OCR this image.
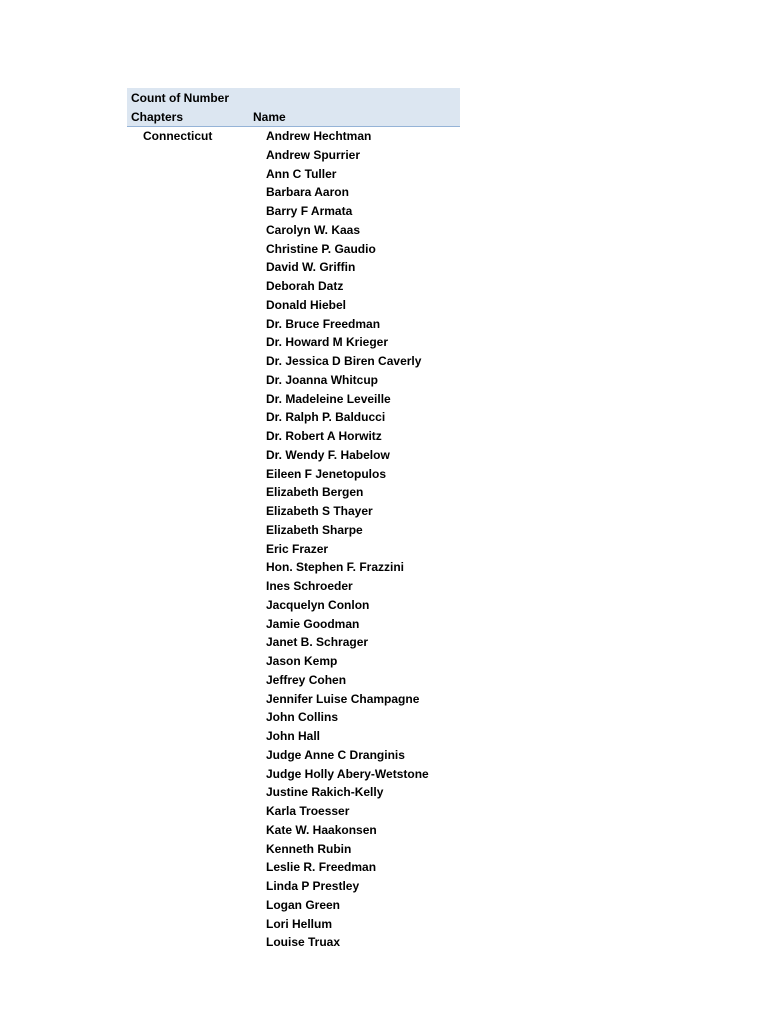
Count of Number
Chapters	Name
Connecticut	Andrew Hechtman
Andrew Spurrier
Ann C Tuller
Barbara Aaron
Barry F Armata
Carolyn W. Kaas
Christine P. Gaudio
David W. Griffin
Deborah Datz
Donald Hiebel
Dr. Bruce Freedman
Dr. Howard M Krieger
Dr. Jessica D Biren Caverly
Dr. Joanna Whitcup
Dr. Madeleine Leveille
Dr. Ralph P. Balducci
Dr. Robert A Horwitz
Dr. Wendy F. Habelow
Eileen F Jenetopulos
Elizabeth Bergen
Elizabeth S Thayer
Elizabeth Sharpe
Eric Frazer
Hon. Stephen F. Frazzini
Ines Schroeder
Jacquelyn Conlon
Jamie Goodman
Janet B. Schrager
Jason Kemp
Jeffrey Cohen
Jennifer Luise Champagne
John Collins
John Hall
Judge Anne C Dranginis
Judge Holly Abery-Wetstone
Justine Rakich-Kelly
Karla Troesser
Kate W. Haakonsen
Kenneth Rubin
Leslie R. Freedman
Linda P Prestley
Logan Green
Lori Hellum
Louise Truax
